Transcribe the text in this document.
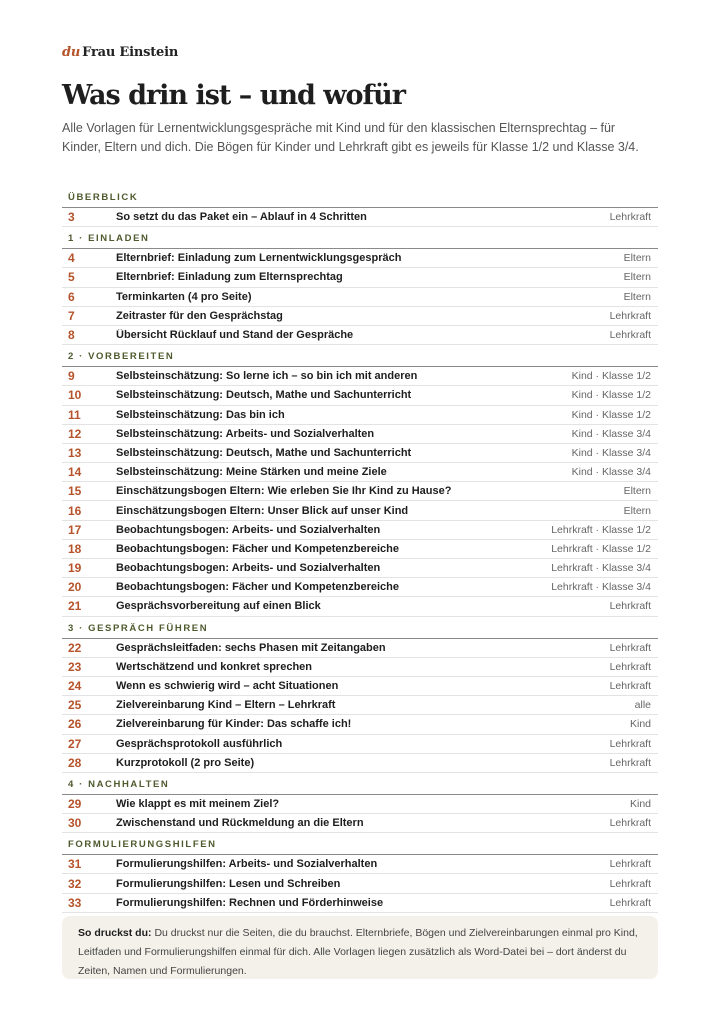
du Frau Einstein
Was drin ist – und wofür
Alle Vorlagen für Lernentwicklungsgespräche mit Kind und für den klassischen Elternsprechtag – für Kinder, Eltern und dich. Die Bögen für Kinder und Lehrkraft gibt es jeweils für Klasse 1/2 und Klasse 3/4.
ÜBERBLICK
3	So setzt du das Paket ein – Ablauf in 4 Schritten	Lehrkraft
1 · EINLADEN
4	Elternbrief: Einladung zum Lernentwicklungsgespräch	Eltern
5	Elternbrief: Einladung zum Elternsprechtag	Eltern
6	Terminkarten (4 pro Seite)	Eltern
7	Zeitraster für den Gesprächstag	Lehrkraft
8	Übersicht Rücklauf und Stand der Gespräche	Lehrkraft
2 · VORBEREITEN
9	Selbsteinschätzung: So lerne ich – so bin ich mit anderen	Kind · Klasse 1/2
10	Selbsteinschätzung: Deutsch, Mathe und Sachunterricht	Kind · Klasse 1/2
11	Selbsteinschätzung: Das bin ich	Kind · Klasse 1/2
12	Selbsteinschätzung: Arbeits- und Sozialverhalten	Kind · Klasse 3/4
13	Selbsteinschätzung: Deutsch, Mathe und Sachunterricht	Kind · Klasse 3/4
14	Selbsteinschätzung: Meine Stärken und meine Ziele	Kind · Klasse 3/4
15	Einschätzungsbogen Eltern: Wie erleben Sie Ihr Kind zu Hause?	Eltern
16	Einschätzungsbogen Eltern: Unser Blick auf unser Kind	Eltern
17	Beobachtungsbogen: Arbeits- und Sozialverhalten	Lehrkraft · Klasse 1/2
18	Beobachtungsbogen: Fächer und Kompetenzbereiche	Lehrkraft · Klasse 1/2
19	Beobachtungsbogen: Arbeits- und Sozialverhalten	Lehrkraft · Klasse 3/4
20	Beobachtungsbogen: Fächer und Kompetenzbereiche	Lehrkraft · Klasse 3/4
21	Gesprächsvorbereitung auf einen Blick	Lehrkraft
3 · GESPRÄCH FÜHREN
22	Gesprächsleitfaden: sechs Phasen mit Zeitangaben	Lehrkraft
23	Wertschätzend und konkret sprechen	Lehrkraft
24	Wenn es schwierig wird – acht Situationen	Lehrkraft
25	Zielvereinbarung Kind – Eltern – Lehrkraft	alle
26	Zielvereinbarung für Kinder: Das schaffe ich!	Kind
27	Gesprächsprotokoll ausführlich	Lehrkraft
28	Kurzprotokoll (2 pro Seite)	Lehrkraft
4 · NACHHALTEN
29	Wie klappt es mit meinem Ziel?	Kind
30	Zwischenstand und Rückmeldung an die Eltern	Lehrkraft
FORMULIERUNGSHILFEN
31	Formulierungshilfen: Arbeits- und Sozialverhalten	Lehrkraft
32	Formulierungshilfen: Lesen und Schreiben	Lehrkraft
33	Formulierungshilfen: Rechnen und Förderhinweise	Lehrkraft
So druckst du: Du druckst nur die Seiten, die du brauchst. Elternbriefe, Bögen und Zielvereinbarungen einmal pro Kind, Leitfaden und Formulierungshilfen einmal für dich. Alle Vorlagen liegen zusätzlich als Word-Datei bei – dort änderst du Zeiten, Namen und Formulierungen.
